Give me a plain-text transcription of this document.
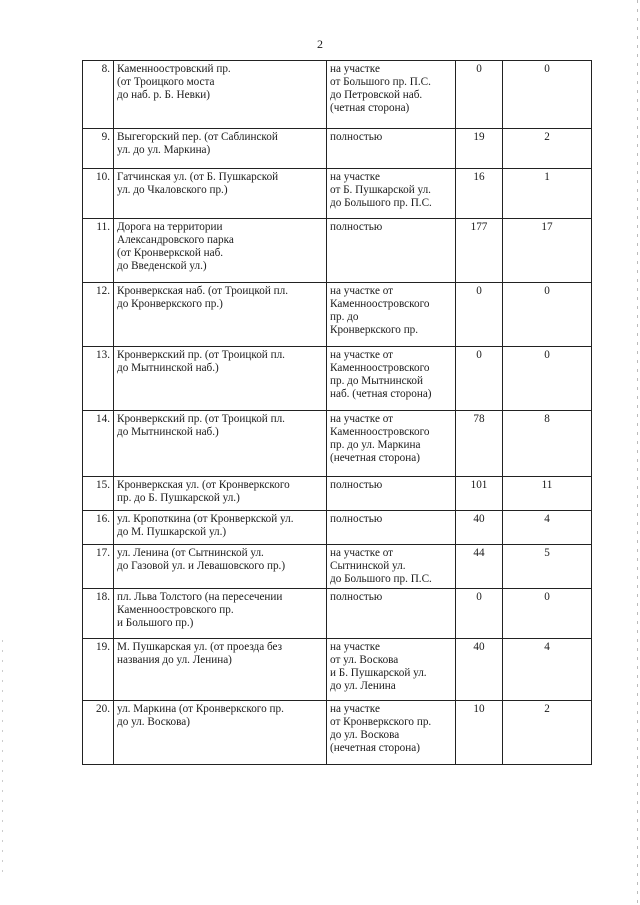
2
8.	Каменноостровский пр.
(от Троицкого моста
до наб. р. Б. Невки)	на участке
от Большого пр. П.С.
до Петровской наб.
(четная сторона)	0	0
9.	Выгегорский пер. (от Саблинской
ул. до ул. Маркина)	полностью	19	2
10.	Гатчинская ул. (от Б. Пушкарской
ул. до Чкаловского пр.)	на участке
от Б. Пушкарской ул.
до Большого пр. П.С.	16	1
11.	Дорога на территории
Александровского парка
(от Кронверкской наб.
до Введенской ул.)	полностью	177	17
12.	Кронверкская наб. (от Троицкой пл.
до Кронверкского пр.)	на участке от
Каменноостровского
пр. до
Кронверкского пр.	0	0
13.	Кронверкский пр. (от Троицкой пл.
до Мытнинской наб.)	на участке от
Каменноостровского
пр. до Мытнинской
наб. (четная сторона)	0	0
14.	Кронверкский пр. (от Троицкой пл.
до Мытнинской наб.)	на участке от
Каменноостровского
пр. до ул. Маркина
(нечетная сторона)	78	8
15.	Кронверкская ул. (от Кронверкского
пр. до Б. Пушкарской ул.)	полностью	101	11
16.	ул. Кропоткина (от Кронверкской ул.
до М. Пушкарской ул.)	полностью	40	4
17.	ул. Ленина (от Сытнинской ул.
до Газовой ул. и Левашовского пр.)	на участке от
Сытнинской ул.
до Большого пр. П.С.	44	5
18.	пл. Льва Толстого (на пересечении
Каменноостровского пр.
и Большого пр.)	полностью	0	0
19.	М. Пушкарская ул. (от проезда без
названия до ул. Ленина)	на участке
от ул. Воскова
и Б. Пушкарской ул.
до ул. Ленина	40	4
20.	ул. Маркина (от Кронверкского пр.
до ул. Воскова)	на участке
от Кронверкского пр.
до ул. Воскова
(нечетная сторона)	10	2
